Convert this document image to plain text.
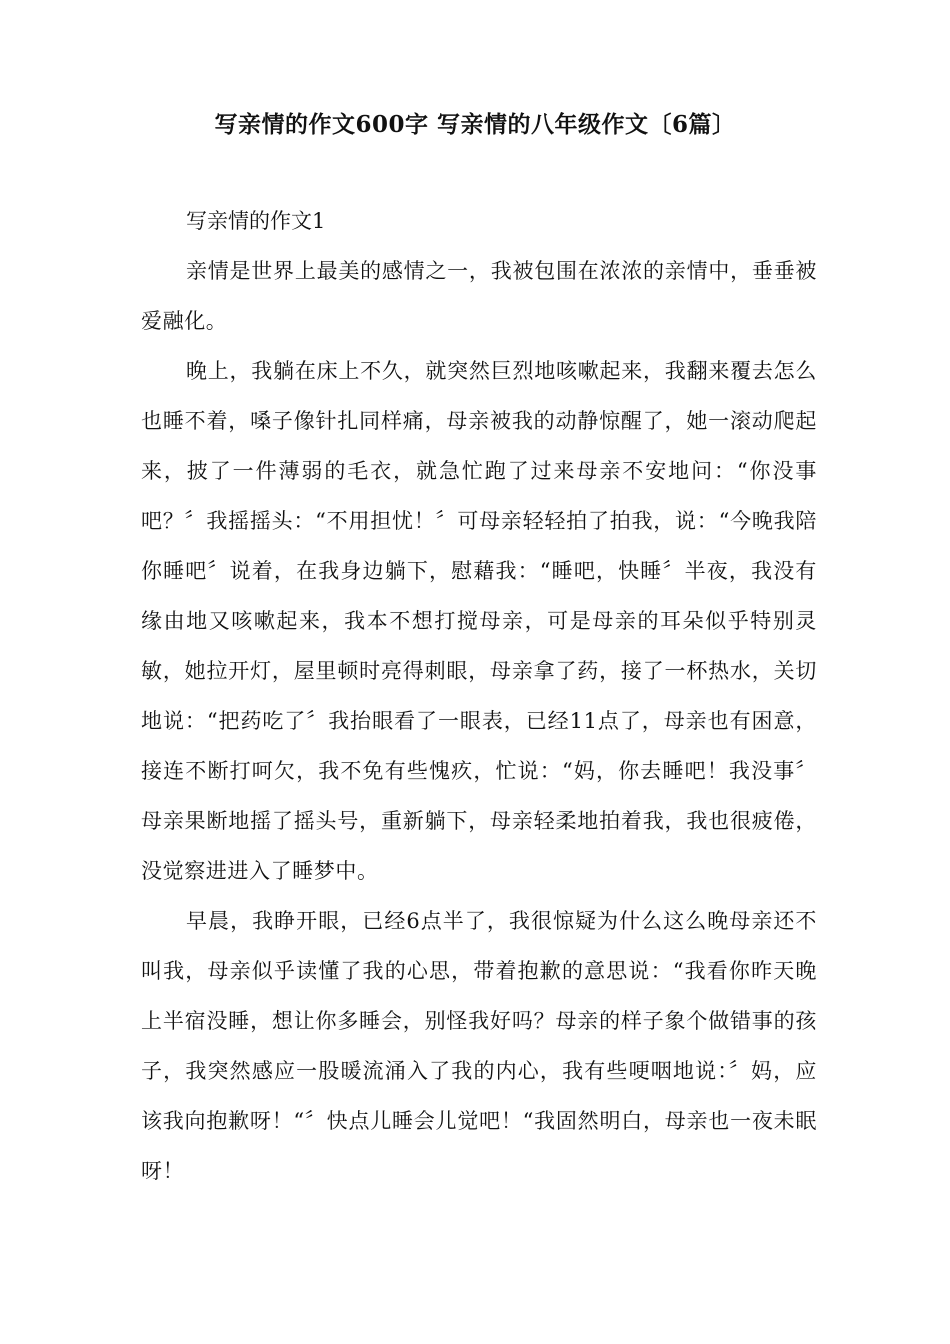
写亲情的作文600字 写亲情的八年级作文〔6篇〕

写亲情的作文1

亲情是世界上最美的感情之一，我被包围在浓浓的亲情中，垂垂被爱融化。

晚上，我躺在床上不久，就突然巨烈地咳嗽起来，我翻来覆去怎么也睡不着，嗓子像针扎同样痛，母亲被我的动静惊醒了，她一滚动爬起来，披了一件薄弱的毛衣，就急忙跑了过来母亲不安地问：“你没事吧？〞我摇摇头：“不用担忧！〞可母亲轻轻拍了拍我，说：“今晚我陪你睡吧〞说着，在我身边躺下，慰藉我：“睡吧，快睡〞半夜，我没有缘由地又咳嗽起来，我本不想打搅母亲，可是母亲的耳朵似乎特别灵敏，她拉开灯，屋里顿时亮得刺眼，母亲拿了药，接了一杯热水，关切地说：“把药吃了〞我抬眼看了一眼表，已经11点了，母亲也有困意，接连不断打呵欠，我不免有些愧疚，忙说：“妈，你去睡吧！我没事〞母亲果断地摇了摇头号，重新躺下，母亲轻柔地拍着我，我也很疲倦，没觉察进进入了睡梦中。

早晨，我睁开眼，已经6点半了，我很惊疑为什么这么晚母亲还不叫我，母亲似乎读懂了我的心思，带着抱歉的意思说：“我看你昨天晚上半宿没睡，想让你多睡会，别怪我好吗？母亲的样子象个做错事的孩子，我突然感应一股暖流涌入了我的内心，我有些哽咽地说：〞妈，应该我向抱歉呀！“〞快点儿睡会儿觉吧！“我固然明白，母亲也一夜未眠呀！
